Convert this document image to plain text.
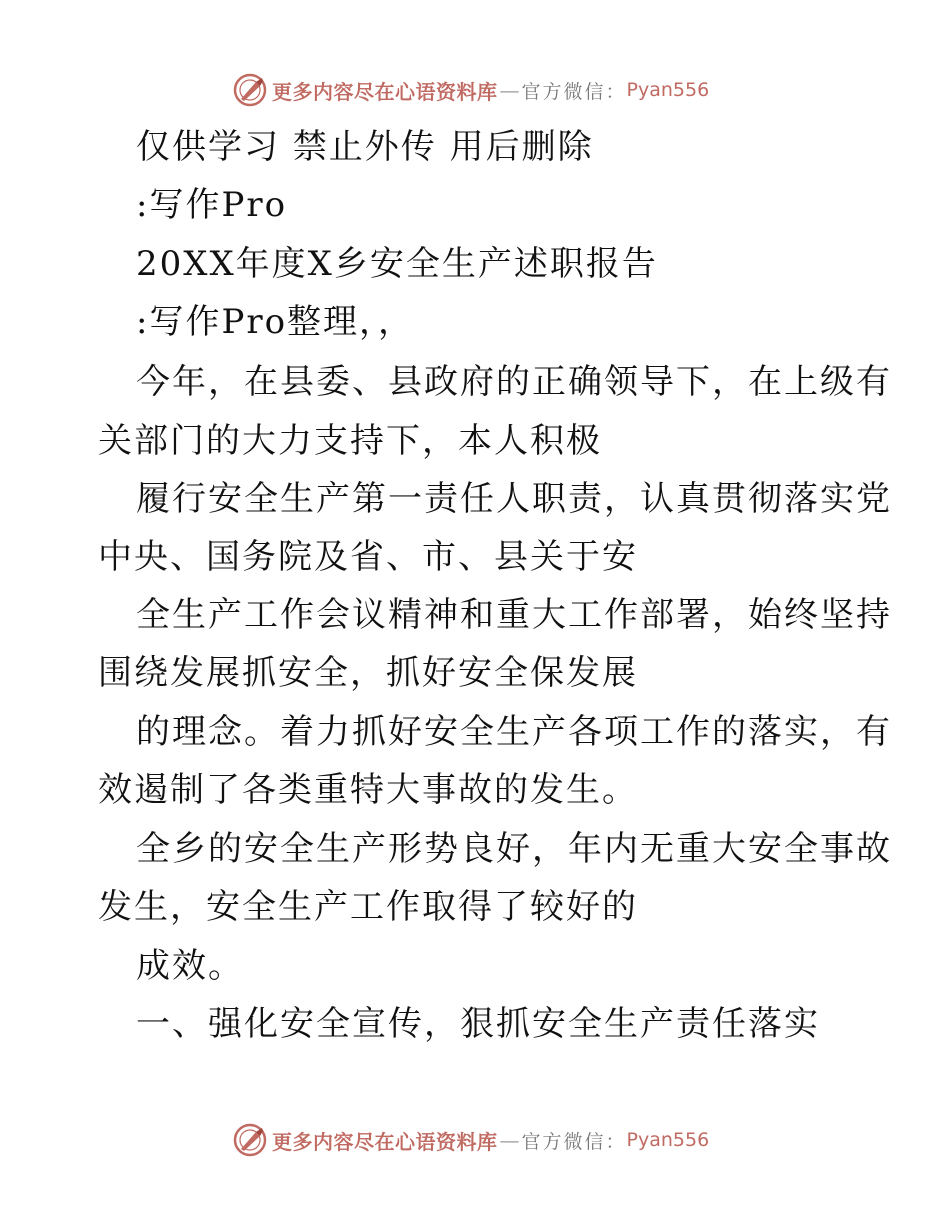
更多内容尽在心语资料库 — 官方微信： Pyan556
仅供学习 禁止外传 用后删除
:写作Pro
20XX年度X乡安全生产述职报告
:写作Pro整理，，
今年，在县委、县政府的正确领导下，在上级有
关部门的大力支持下，本人积极
履行安全生产第一责任人职责，认真贯彻落实党
中央、国务院及省、市、县关于安
全生产工作会议精神和重大工作部署，始终坚持
围绕发展抓安全，抓好安全保发展
的理念。着力抓好安全生产各项工作的落实，有
效遏制了各类重特大事故的发生。
全乡的安全生产形势良好，年内无重大安全事故
发生，安全生产工作取得了较好的
成效。
一、强化安全宣传，狠抓安全生产责任落实
更多内容尽在心语资料库 — 官方微信： Pyan556
